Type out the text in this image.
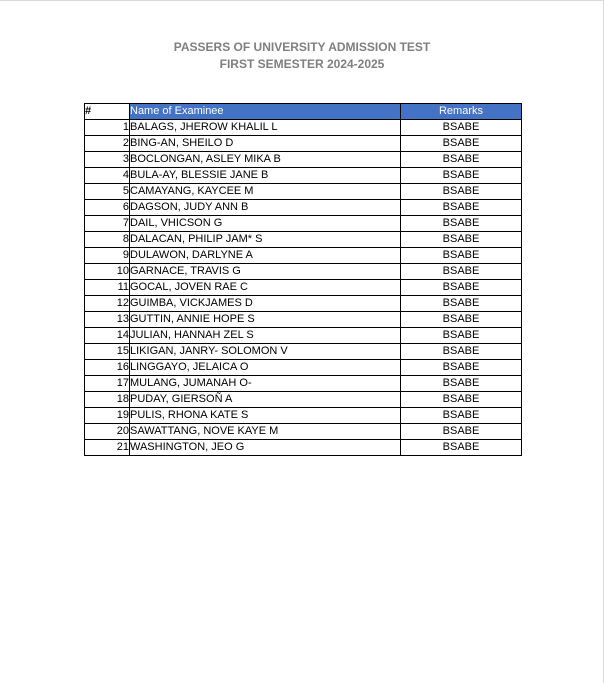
PASSERS OF UNIVERSITY ADMISSION TEST
FIRST SEMESTER 2024-2025
#	Name of Examinee	Remarks
1	BALAGS, JHEROW KHALIL L	BSABE
2	BING-AN, SHEILO D	BSABE
3	BOCLONGAN, ASLEY MIKA B	BSABE
4	BULA-AY, BLESSIE JANE B	BSABE
5	CAMAYANG, KAYCEE M	BSABE
6	DAGSON, JUDY ANN B	BSABE
7	DAIL, VHICSON G	BSABE
8	DALACAN, PHILIP JAM* S	BSABE
9	DULAWON, DARLYNE A	BSABE
10	GARNACE, TRAVIS G	BSABE
11	GOCAL, JOVEN RAE C	BSABE
12	GUIMBA, VICKJAMES D	BSABE
13	GUTTIN, ANNIE HOPE S	BSABE
14	JULIAN, HANNAH ZEL S	BSABE
15	LIKIGAN, JANRY- SOLOMON V	BSABE
16	LINGGAYO, JELAICA O	BSABE
17	MULANG, JUMANAH O-	BSABE
18	PUDAY, GIERSOÑ A	BSABE
19	PULIS, RHONA KATE S	BSABE
20	SAWATTANG, NOVE KAYE M	BSABE
21	WASHINGTON, JEO G	BSABE
